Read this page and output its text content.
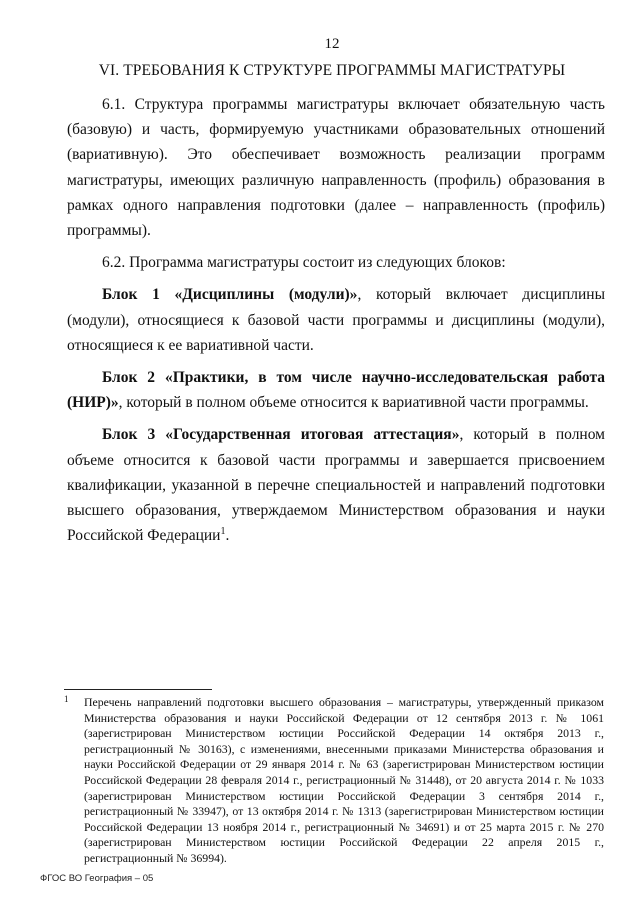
12
VI. ТРЕБОВАНИЯ К СТРУКТУРЕ ПРОГРАММЫ МАГИСТРАТУРЫ

6.1. Структура программы магистратуры включает обязательную часть (базовую) и часть, формируемую участниками образовательных отношений (вариативную). Это обеспечивает возможность реализации программ магистратуры, имеющих различную направленность (профиль) образования в рамках одного направления подготовки (далее – направленность (профиль) программы).

6.2. Программа магистратуры состоит из следующих блоков:

Блок 1 «Дисциплины (модули)», который включает дисциплины (модули), относящиеся к базовой части программы и дисциплины (модули), относящиеся к ее вариативной части.

Блок 2 «Практики, в том числе научно-исследовательская работа (НИР)», который в полном объеме относится к вариативной части программы.

Блок 3 «Государственная итоговая аттестация», который в полном объеме относится к базовой части программы и завершается присвоением квалификации, указанной в перечне специальностей и направлений подготовки высшего образования, утверждаемом Министерством образования и науки Российской Федерации$^1$.

1 Перечень направлений подготовки высшего образования – магистратуры, утвержденный приказом Министерства образования и науки Российской Федерации от 12 сентября 2013 г. № 1061 (зарегистрирован Министерством юстиции Российской Федерации 14 октября 2013 г., регистрационный № 30163), с изменениями, внесенными приказами Министерства образования и науки Российской Федерации от 29 января 2014 г. № 63 (зарегистрирован Министерством юстиции Российской Федерации 28 февраля 2014 г., регистрационный № 31448), от 20 августа 2014 г. № 1033 (зарегистрирован Министерством юстиции Российской Федерации 3 сентября 2014 г., регистрационный № 33947), от 13 октября 2014 г. № 1313 (зарегистрирован Министерством юстиции Российской Федерации 13 ноября 2014 г., регистрационный № 34691) и от 25 марта 2015 г. № 270 (зарегистрирован Министерством юстиции Российской Федерации 22 апреля 2015 г., регистрационный № 36994).

ФГОС ВО География – 05
